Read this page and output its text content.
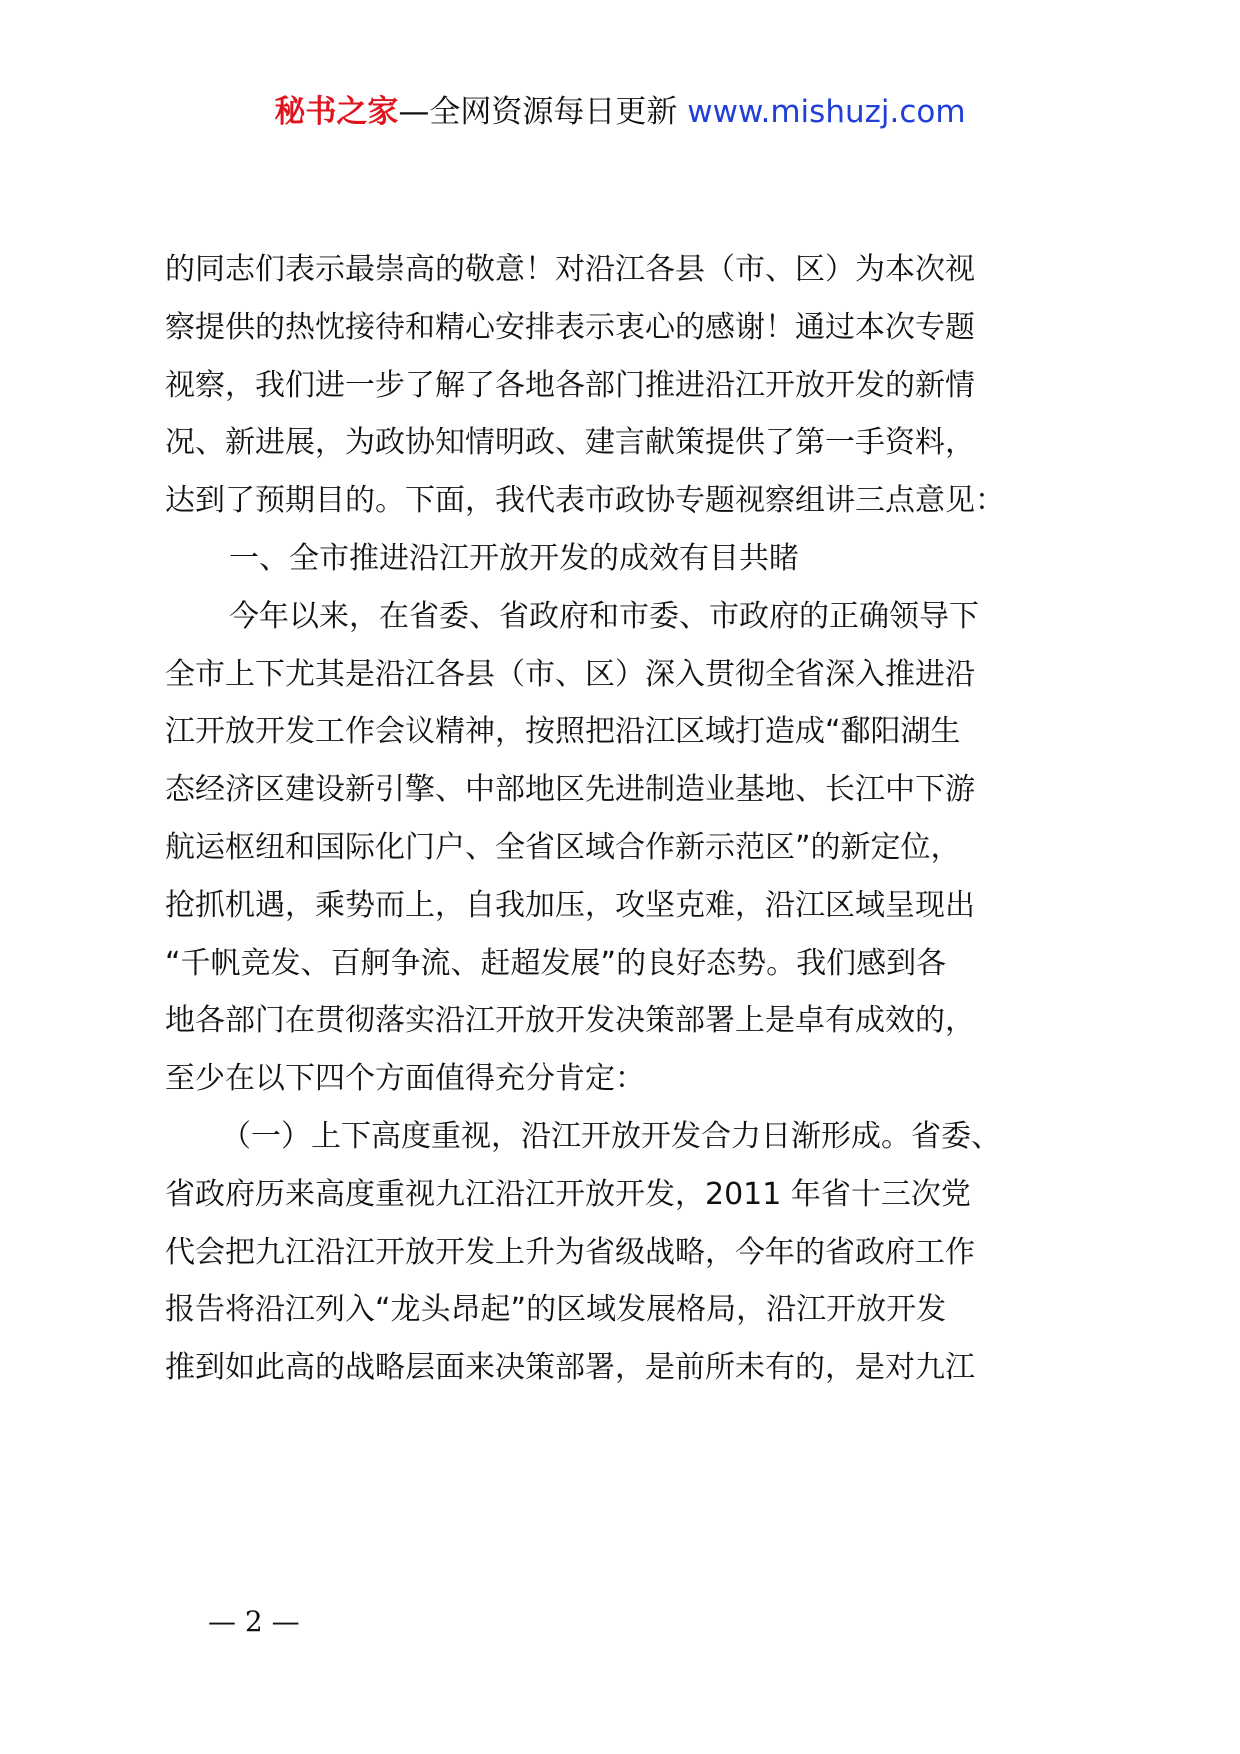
秘书之家—全网资源每日更新 www.mishuzj.com
的同志们表示最崇高的敬意！对沿江各县（市、区）为本次视
察提供的热忱接待和精心安排表示衷心的感谢！通过本次专题
视察，我们进一步了解了各地各部门推进沿江开放开发的新情
况、新进展，为政协知情明政、建言献策提供了第一手资料，
达到了预期目的。下面，我代表市政协专题视察组讲三点意见：
一、全市推进沿江开放开发的成效有目共睹
今年以来，在省委、省政府和市委、市政府的正确领导下
全市上下尤其是沿江各县（市、区）深入贯彻全省深入推进沿
江开放开发工作会议精神，按照把沿江区域打造成“鄱阳湖生
态经济区建设新引擎、中部地区先进制造业基地、长江中下游
航运枢纽和国际化门户、全省区域合作新示范区”的新定位，
抢抓机遇，乘势而上，自我加压，攻坚克难，沿江区域呈现出
“千帆竞发、百舸争流、赶超发展”的良好态势。我们感到各
地各部门在贯彻落实沿江开放开发决策部署上是卓有成效的，
至少在以下四个方面值得充分肯定：
（一）上下高度重视，沿江开放开发合力日渐形成。省委、
省政府历来高度重视九江沿江开放开发，2011 年省十三次党
代会把九江沿江开放开发上升为省级战略，今年的省政府工作
报告将沿江列入“龙头昂起”的区域发展格局，沿江开放开发
推到如此高的战略层面来决策部署，是前所未有的，是对九江
— 2 —
